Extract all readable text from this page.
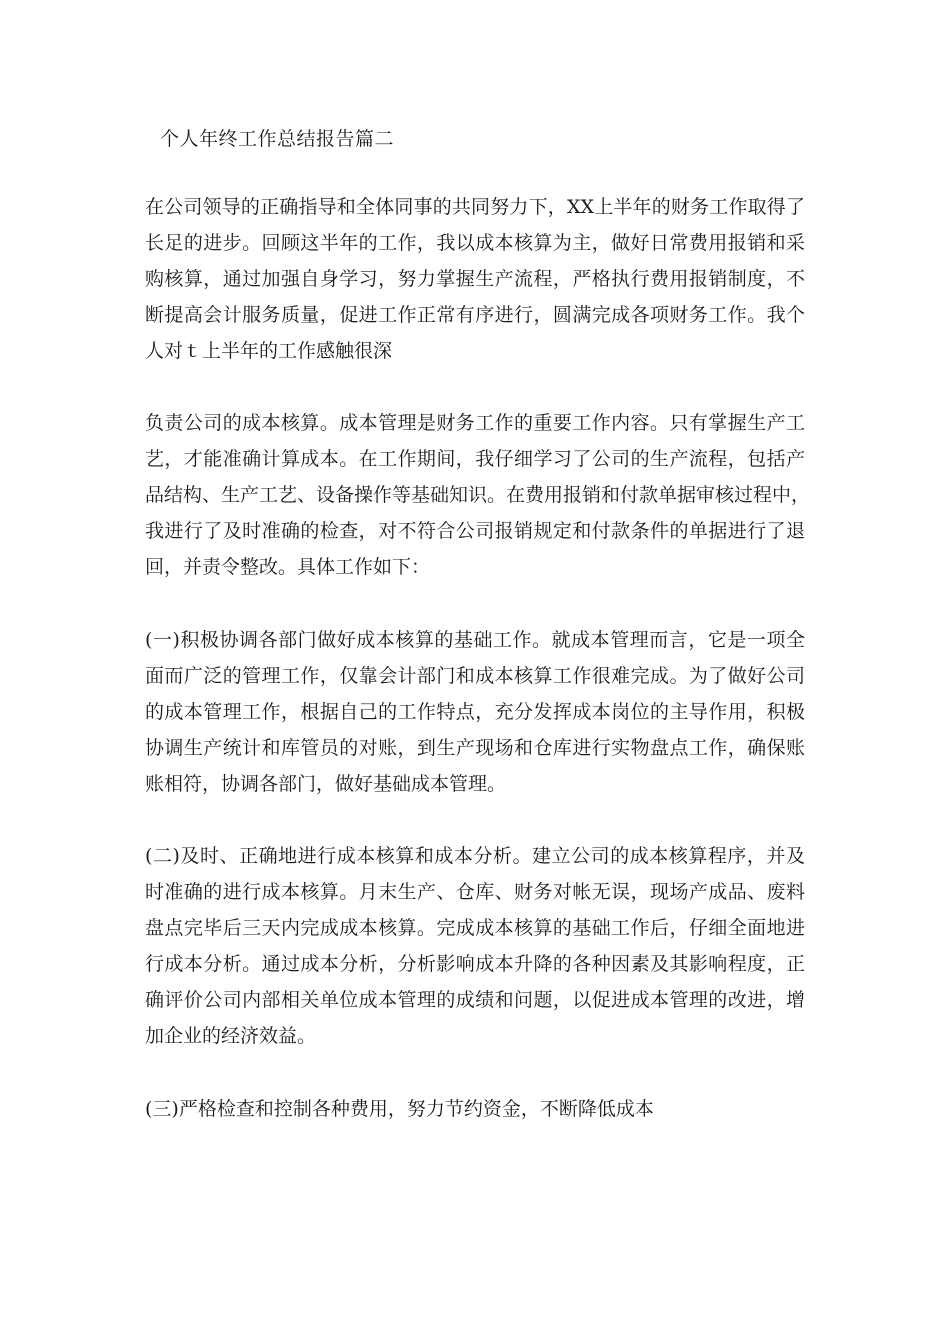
个人年终工作总结报告篇二
在公司领导的正确指导和全体同事的共同努力下，XX上半年的财务工作取得了
长足的进步。回顾这半年的工作，我以成本核算为主，做好日常费用报销和采
购核算，通过加强自身学习，努力掌握生产流程，严格执行费用报销制度，不
断提高会计服务质量，促进工作正常有序进行，圆满完成各项财务工作。我个
人对ｔ上半年的工作感触很深
负责公司的成本核算。成本管理是财务工作的重要工作内容。只有掌握生产工
艺，才能准确计算成本。在工作期间，我仔细学习了公司的生产流程，包括产
品结构、生产工艺、设备操作等基础知识。在费用报销和付款单据审核过程中，
我进行了及时准确的检查，对不符合公司报销规定和付款条件的单据进行了退
回，并责令整改。具体工作如下：
(一)积极协调各部门做好成本核算的基础工作。就成本管理而言，它是一项全
面而广泛的管理工作，仅靠会计部门和成本核算工作很难完成。为了做好公司
的成本管理工作，根据自己的工作特点，充分发挥成本岗位的主导作用，积极
协调生产统计和库管员的对账，到生产现场和仓库进行实物盘点工作，确保账
账相符，协调各部门，做好基础成本管理。
(二)及时、正确地进行成本核算和成本分析。建立公司的成本核算程序，并及
时准确的进行成本核算。月末生产、仓库、财务对帐无误，现场产成品、废料
盘点完毕后三天内完成成本核算。完成成本核算的基础工作后，仔细全面地进
行成本分析。通过成本分析，分析影响成本升降的各种因素及其影响程度，正
确评价公司内部相关单位成本管理的成绩和问题，以促进成本管理的改进，增
加企业的经济效益。
(三)严格检查和控制各种费用，努力节约资金，不断降低成本
